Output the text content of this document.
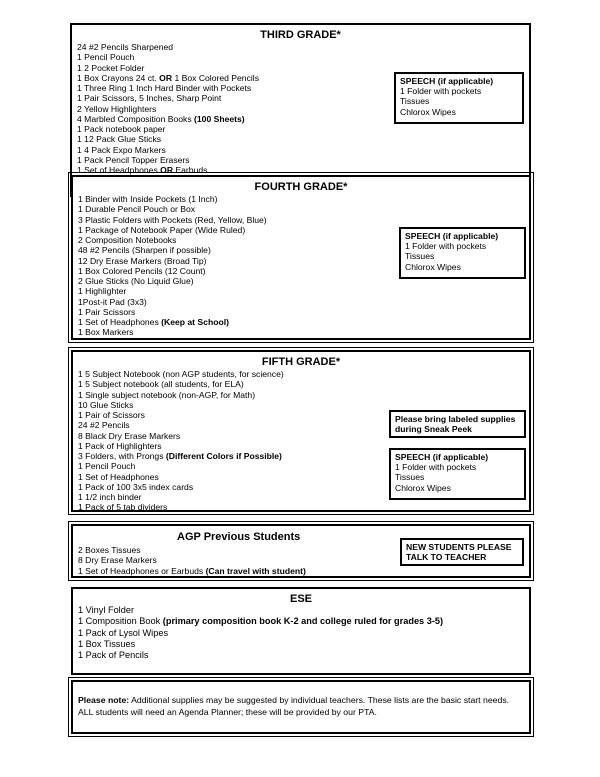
THIRD GRADE*
24 #2 Pencils Sharpened
1 Pencil Pouch
1 2 Pocket Folder
1 Box Crayons 24 ct. OR 1 Box Colored Pencils
1 Three Ring 1 Inch Hard Binder with Pockets
1 Pair Scissors, 5 Inches, Sharp Point
2 Yellow Highlighters
4 Marbled Composition Books (100 Sheets)
1 Pack notebook paper
1 12 Pack Glue Sticks
1 4 Pack Expo Markers
1 Pack Pencil Topper Erasers
1 Set of Headphones OR Earbuds
SPEECH (if applicable)
1 Folder with pockets
Tissues
Chlorox Wipes
FOURTH GRADE*
1 Binder with Inside Pockets (1 Inch)
1 Durable Pencil Pouch or Box
3 Plastic Folders with Pockets (Red, Yellow, Blue)
1 Package of Notebook Paper (Wide Ruled)
2 Composition Notebooks
48 #2 Pencils (Sharpen if possible)
12 Dry Erase Markers (Broad Tip)
1 Box Colored Pencils (12 Count)
2 Glue Sticks (No Liquid Glue)
1 Highlighter
1Post-it Pad (3x3)
1 Pair Scissors
1 Set of Headphones (Keep at School)
1 Box Markers
SPEECH (if applicable)
1 Folder with pockets
Tissues
Chlorox Wipes
FIFTH GRADE*
1 5 Subject Notebook (non AGP students, for science)
1 5 Subject notebook (all students, for ELA)
1 Single subject notebook (non-AGP, for Math)
10 Glue Sticks
1 Pair of Scissors
24 #2 Pencils
8 Black Dry Erase Markers
1 Pack of Highlighters
3 Folders, with Prongs (Different Colors if Possible)
1 Pencil Pouch
1 Set of Headphones
1 Pack of 100 3x5 index cards
1 1/2 inch binder
1 Pack of 5 tab dividers
Please bring labeled supplies
during Sneak Peek
SPEECH (if applicable)
1 Folder with pockets
Tissues
Chlorox Wipes
AGP Previous Students
2 Boxes Tissues
8 Dry Erase Markers
1 Set of Headphones or Earbuds (Can travel with student)
NEW STUDENTS PLEASE
TALK TO TEACHER
ESE
1 Vinyl Folder
1 Composition Book (primary composition book K-2 and college ruled for grades 3-5)
1 Pack of Lysol Wipes
1 Box Tissues
1 Pack of Pencils
Please note: Additional supplies may be suggested by individual teachers. These lists are the basic start needs. ALL students will need an Agenda Planner; these will be provided by our PTA.
